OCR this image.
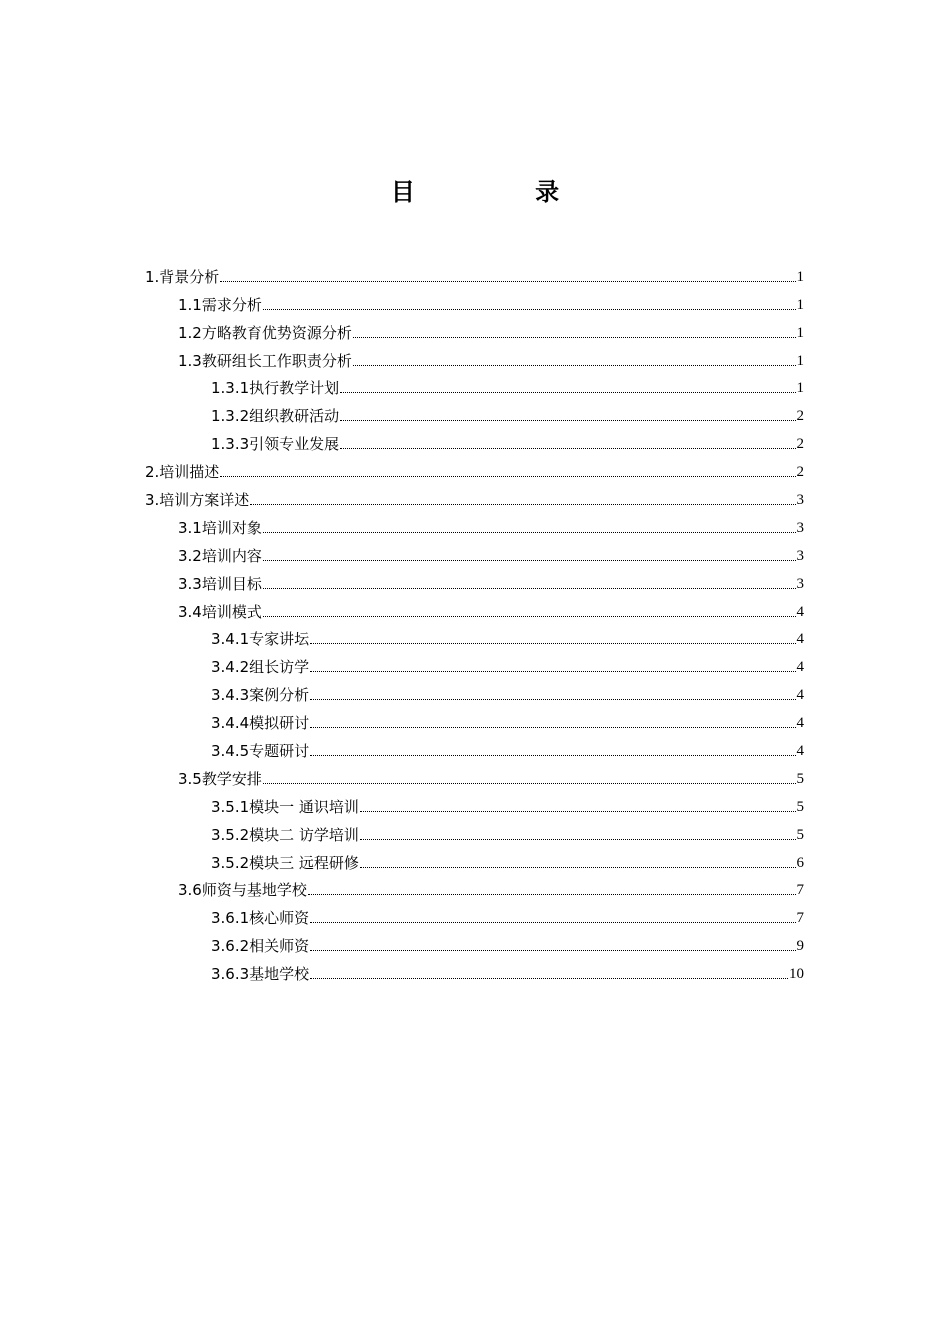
目 录
1.背景分析	1
1.1需求分析	1
1.2方略教育优势资源分析	1
1.3教研组长工作职责分析	1
1.3.1执行教学计划	1
1.3.2组织教研活动	2
1.3.3引领专业发展	2
2.培训描述	2
3.培训方案详述	3
3.1培训对象	3
3.2培训内容	3
3.3培训目标	3
3.4培训模式	4
3.4.1专家讲坛	4
3.4.2组长访学	4
3.4.3案例分析	4
3.4.4模拟研讨	4
3.4.5专题研讨	4
3.5教学安排	5
3.5.1模块一 通识培训	5
3.5.2模块二 访学培训	5
3.5.2模块三 远程研修	6
3.6师资与基地学校	7
3.6.1核心师资	7
3.6.2相关师资	9
3.6.3基地学校	10
